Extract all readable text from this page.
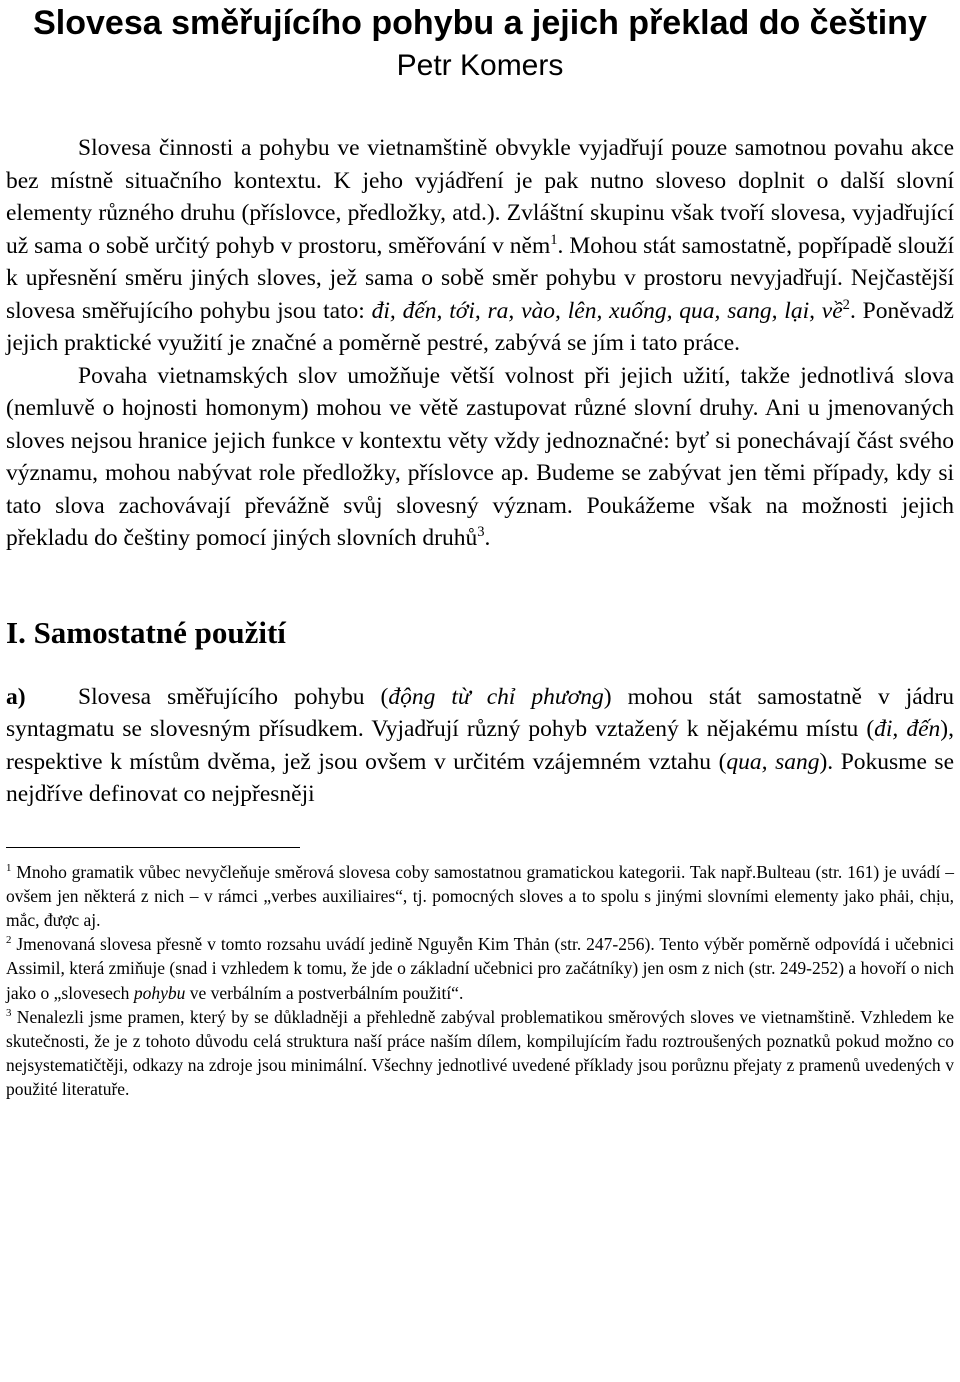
Slovesa směřujícího pohybu a jejich překlad do češtiny
Petr Komers

Slovesa činnosti a pohybu ve vietnamštině obvykle vyjadřují pouze samotnou povahu akce bez místně situačního kontextu. K jeho vyjádření je pak nutno sloveso doplnit o další slovní elementy různého druhu (příslovce, předložky, atd.). Zvláštní skupinu však tvoří slovesa, vyjadřující už sama o sobě určitý pohyb v prostoru, směřování v něm$^1$. Mohou stát samostatně, popřípadě slouží k upřesnění směru jiných sloves, jež sama o sobě směr pohybu v prostoru nevyjadřují. Nejčastější slovesa směřujícího pohybu jsou tato: đi, đến, tới, ra, vào, lên, xuống, qua, sang, lại, về$^2$. Poněvadž jejich praktické využití je značné a poměrně pestré, zabývá se jím i tato práce.

Povaha vietnamských slov umožňuje větší volnost při jejich užití, takže jednotlivá slova (nemluvě o hojnosti homonym) mohou ve větě zastupovat různé slovní druhy. Ani u jmenovaných sloves nejsou hranice jejich funkce v kontextu věty vždy jednoznačné: byť si ponechávají část svého významu, mohou nabývat role předložky, příslovce ap. Budeme se zabývat jen těmi případy, kdy si tato slova zachovávají převážně svůj slovesný význam. Poukážeme však na možnosti jejich překladu do češtiny pomocí jiných slovních druhů$^3$.

I. Samostatné použití

a) Slovesa směřujícího pohybu (động từ chỉ phương) mohou stát samostatně v jádru syntagmatu se slovesným přísudkem. Vyjadřují různý pohyb vztažený k nějakému místu (đi, đến), respektive k místům dvěma, jež jsou ovšem v určitém vzájemném vztahu (qua, sang). Pokusme se nejdříve definovat co nejpřesněji

$^1$ Mnoho gramatik vůbec nevyčleňuje směrová slovesa coby samostatnou gramatickou kategorii. Tak např.Bulteau (str. 161) je uvádí – ovšem jen některá z nich – v rámci „verbes auxiliaires“, tj. pomocných sloves a to spolu s jinými slovními elementy jako phải, chịu, mắc, được aj.

$^2$ Jmenovaná slovesa přesně v tomto rozsahu uvádí jedině Nguyễn Kim Thản (str. 247-256). Tento výběr poměrně odpovídá i učebnici Assimil, která zmiňuje (snad i vzhledem k tomu, že jde o základní učebnici pro začátníky) jen osm z nich (str. 249-252) a hovoří o nich jako o „slovesech pohybu ve verbálním a postverbálním použití“.

$^3$ Nenalezli jsme pramen, který by se důkladněji a přehledně zabýval problematikou směrových sloves ve vietnamštině. Vzhledem ke skutečnosti, že je z tohoto důvodu celá struktura naší práce naším dílem, kompilujícím řadu roztroušených poznatků pokud možno co nejsystematičtěji, odkazy na zdroje jsou minimální. Všechny jednotlivé uvedené příklady jsou porůznu přejaty z pramenů uvedených v použité literatuře.
